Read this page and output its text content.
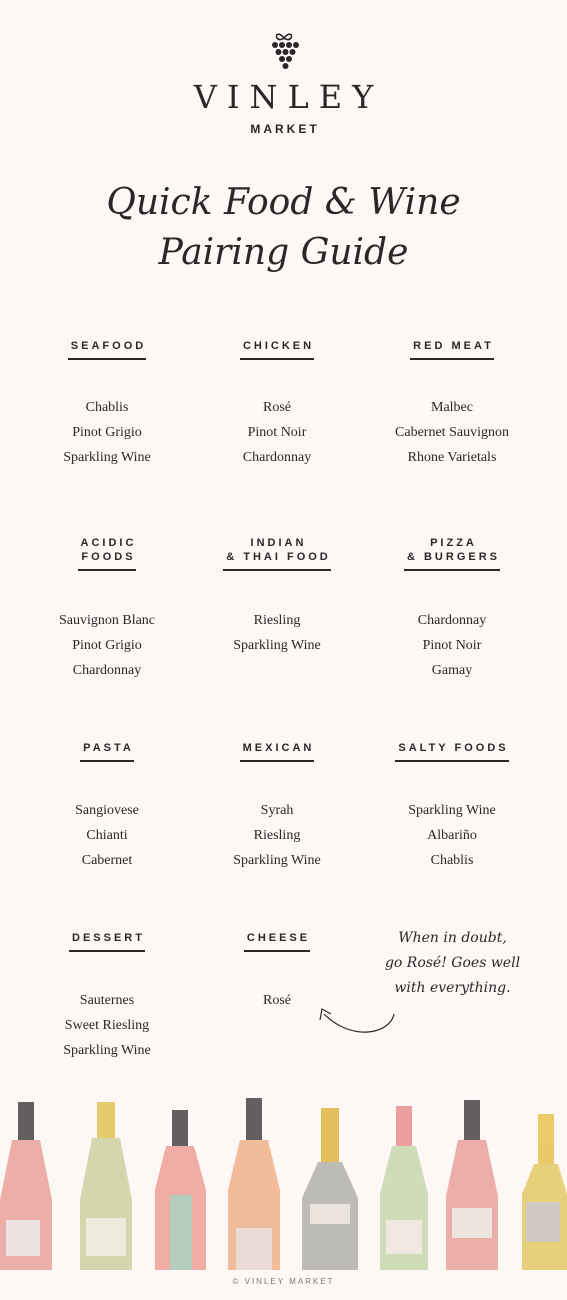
VINLEY
MARKET
Quick Food & Wine
Pairing Guide
SEAFOOD
Chablis
Pinot Grigio
Sparkling Wine
CHICKEN
Rosé
Pinot Noir
Chardonnay
RED MEAT
Malbec
Cabernet Sauvignon
Rhone Varietals
ACIDIC
FOODS
Sauvignon Blanc
Pinot Grigio
Chardonnay
INDIAN
& THAI FOOD
Riesling
Sparkling Wine
PIZZA
& BURGERS
Chardonnay
Pinot Noir
Gamay
PASTA
Sangiovese
Chianti
Cabernet
MEXICAN
Syrah
Riesling
Sparkling Wine
SALTY FOODS
Sparkling Wine
Albariño
Chablis
DESSERT
Sauternes
Sweet Riesling
Sparkling Wine
CHEESE
Rosé
When in doubt,
go Rosé! Goes well
with everything.
© VINLEY MARKET
